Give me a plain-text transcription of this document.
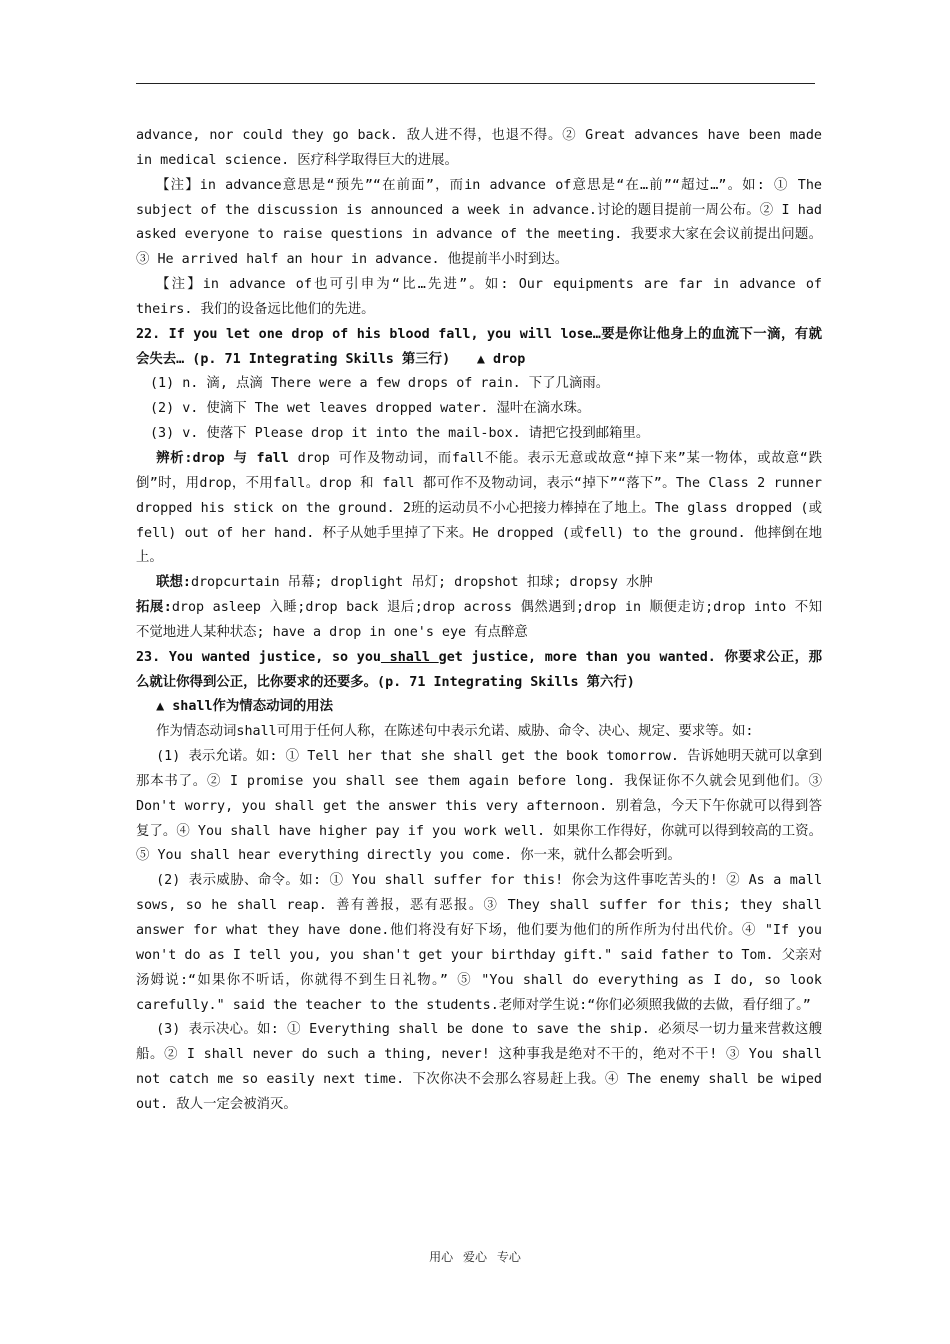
advance, nor could they go back. 敌人进不得，也退不得。② Great advances have been made in medical science. 医疗科学取得巨大的进展。

【注】in advance意思是“预先”“在前面”，而in advance of意思是“在…前”“超过…”。如: ① The subject of the discussion is announced a week in advance.讨论的题目提前一周公布。② I had asked everyone to raise questions in advance of the meeting. 我要求大家在会议前提出问题。③ He arrived half an hour in advance. 他提前半小时到达。

【注】in advance of也可引申为“比…先进”。如: Our equipments are far in advance of theirs. 我们的设备远比他们的先进。

22. If you let one drop of his blood fall, you will lose…要是你让他身上的血流下一滴，有就会失去… (p. 71 Integrating Skills 第三行)　　▲ drop

(1) n. 滴, 点滴 There were a few drops of rain. 下了几滴雨。

(2) v. 使滴下 The wet leaves dropped water. 湿叶在滴水珠。

(3) v. 使落下 Please drop it into the mail-box. 请把它投到邮箱里。

辨析:drop 与 fall drop 可作及物动词，而fall不能。表示无意或故意“掉下来”某一物体，或故意“跌倒”时，用drop，不用fall。drop 和 fall 都可作不及物动词，表示“掉下”“落下”。The Class 2 runner dropped his stick on the ground. 2班的运动员不小心把接力棒掉在了地上。The glass dropped (或fell) out of her hand. 杯子从她手里掉了下来。He dropped (或fell) to the ground. 他摔倒在地上。

联想:dropcurtain 吊幕; droplight 吊灯; dropshot 扣球; dropsy 水肿

拓展:drop asleep 入睡;drop back 退后;drop across 偶然遇到;drop in 顺便走访;drop into 不知不觉地进人某种状态; have a drop in one's eye 有点醉意

23. You wanted justice, so you shall get justice, more than you wanted. 你要求公正，那么就让你得到公正，比你要求的还要多。(p. 71 Integrating Skills 第六行)

▲ shall作为情态动词的用法

作为情态动词shall可用于任何人称，在陈述句中表示允诺、威胁、命令、决心、规定、要求等。如:

(1) 表示允诺。如: ① Tell her that she shall get the book tomorrow. 告诉她明天就可以拿到那本书了。② I promise you shall see them again before long. 我保证你不久就会见到他们。③ Don't worry, you shall get the answer this very afternoon. 别着急，今天下午你就可以得到答复了。④ You shall have higher pay if you work well. 如果你工作得好，你就可以得到较高的工资。⑤ You shall hear everything directly you come. 你一来，就什么都会听到。

(2) 表示威胁、命令。如: ① You shall suffer for this! 你会为这件事吃苦头的! ② As a mall sows, so he shall reap. 善有善报，恶有恶报。③ They shall suffer for this; they shall answer for what they have done.他们将没有好下场，他们要为他们的所作所为付出代价。④ "If you won't do as I tell you, you shan't get your birthday gift." said father to Tom. 父亲对汤姆说:“如果你不听话，你就得不到生日礼物。” ⑤ "You shall do everything as I do, so look carefully." said the teacher to the students.老师对学生说:“你们必须照我做的去做，看仔细了。”

(3) 表示决心。如: ① Everything shall be done to save the ship. 必须尽一切力量来营救这艘船。② I shall never do such a thing, never! 这种事我是绝对不干的，绝对不干! ③ You shall not catch me so easily next time. 下次你决不会那么容易赶上我。④ The enemy shall be wiped out. 敌人一定会被消灭。

用心 爱心 专心
